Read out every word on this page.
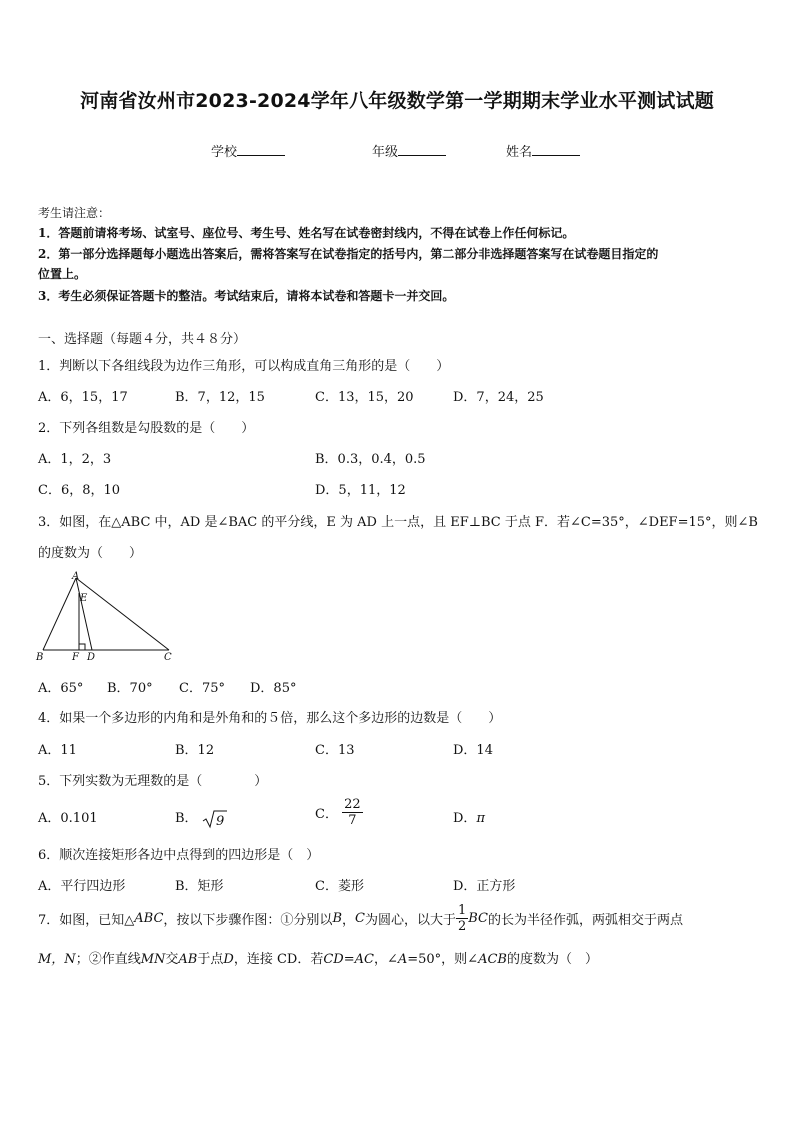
河南省汝州市2023-2024学年八年级数学第一学期期末学业水平测试试题
学校	年级	姓名
考生请注意：
1．答题前请将考场、试室号、座位号、考生号、姓名写在试卷密封线内，不得在试卷上作任何标记。
2．第一部分选择题每小题选出答案后，需将答案写在试卷指定的括号内，第二部分非选择题答案写在试卷题目指定的
位置上。
3．考生必须保证答题卡的整洁。考试结束后，请将本试卷和答题卡一并交回。
一、选择题（每题４分，共４８分）
1．判断以下各组线段为边作三角形，可以构成直角三角形的是（　　）
A．6，15，17	B．7，12，15	C．13，15，20	D．7，24，25
2．下列各组数是勾股数的是（　　）
A．1，2，3	B．0.3，0.4，0.5
C．6，8，10	D．5，11，12
3．如图，在△ABC 中，AD 是∠BAC 的平分线，E 为 AD 上一点，且 EF⊥BC 于点 F．若∠C=35°，∠DEF=15°，则∠B
的度数为（　　）
A
E
B	F D	C
A．65° B．70° C．75° D．85°
4．如果一个多边形的内角和是外角和的５倍，那么这个多边形的边数是（　　）
A．11	B．12	C．13	D．14
5．下列实数为无理数的是（　　　　）
A．0.101	B． 9	C． $\frac{22}{7}$	D．π
6．顺次连接矩形各边中点得到的四边形是（　）
A．平行四边形	B．矩形	C．菱形	D．正方形
7．如图，已知△ABC，按以下步骤作图：①分别以B，C为圆心，以大于 $\frac{1}{2}$ BC的长为半径作弧，两弧相交于两点
M，N；②作直线MN交AB于点D，连接 CD．若CD=AC，∠A=50°，则∠ACB的度数为（　）
